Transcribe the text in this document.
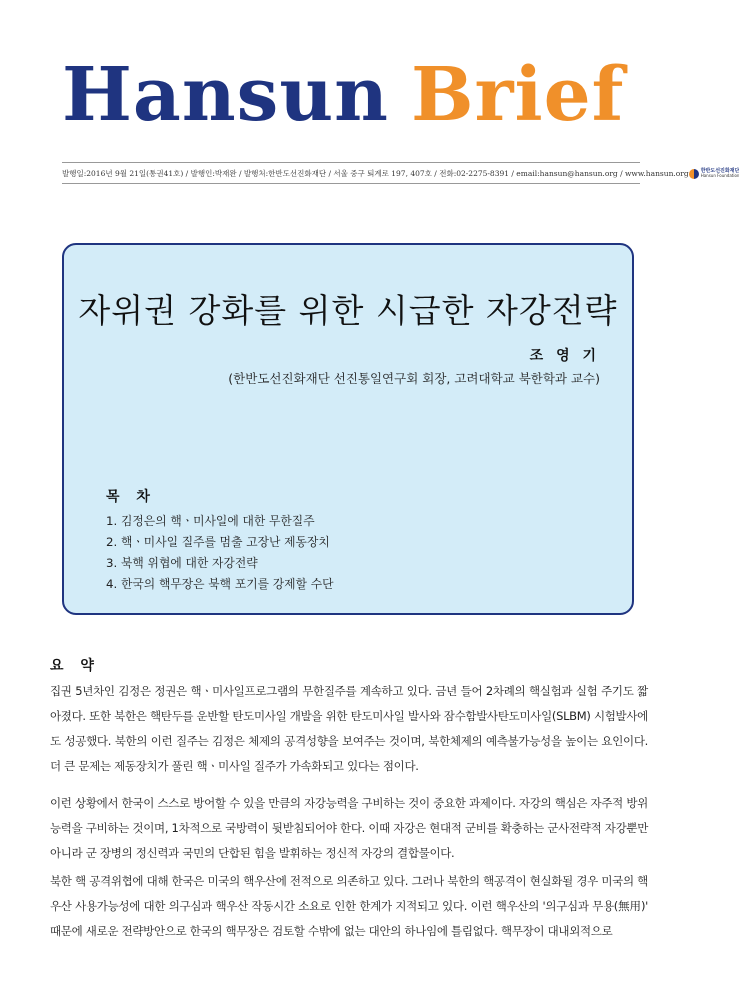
Hansun Brief
발행일:2016년 9월 21일(통권41호) / 발행인:박재완 / 발행처:한반도선진화재단 / 서울 중구 퇴계로 197, 407호 / 전화:02-2275-8391 / email:hansun@hansun.org / www.hansun.org 한반도선진화재단
Hansun Foundation
자위권 강화를 위한 시급한 자강전략
조 영 기
(한반도선진화재단 선진통일연구회 회장, 고려대학교 북한학과 교수)
목 차
1. 김정은의 핵ㆍ미사일에 대한 무한질주
2. 핵ㆍ미사일 질주를 멈출 고장난 제동장치
3. 북핵 위협에 대한 자강전략
4. 한국의 핵무장은 북핵 포기를 강제할 수단
요 약

집권 5년차인 김정은 정권은 핵ㆍ미사일프로그램의 무한질주를 계속하고 있다. 금년 들어 2차례의 핵실험과 실험 주기도 짧아졌다. 또한 북한은 핵탄두를 운반할 탄도미사일 개발을 위한 탄도미사일 발사와 잠수함발사탄도미사일(SLBM) 시험발사에도 성공했다. 북한의 이런 질주는 김정은 체제의 공격성향을 보여주는 것이며, 북한체제의 예측불가능성을 높이는 요인이다. 더 큰 문제는 제동장치가 풀린 핵ㆍ미사일 질주가 가속화되고 있다는 점이다.

이런 상황에서 한국이 스스로 방어할 수 있을 만큼의 자강능력을 구비하는 것이 중요한 과제이다. 자강의 핵심은 자주적 방위능력을 구비하는 것이며, 1차적으로 국방력이 뒷받침되어야 한다. 이때 자강은 현대적 군비를 확충하는 군사전략적 자강뿐만 아니라 군 장병의 정신력과 국민의 단합된 힘을 발휘하는 정신적 자강의 결합물이다.

북한 핵 공격위협에 대해 한국은 미국의 핵우산에 전적으로 의존하고 있다. 그러나 북한의 핵공격이 현실화될 경우 미국의 핵우산 사용가능성에 대한 의구심과 핵우산 작동시간 소요로 인한 한계가 지적되고 있다. 이런 핵우산의 '의구심과 무용(無用)' 때문에 새로운 전략방안으로 한국의 핵무장은 검토할 수밖에 없는 대안의 하나임에 틀림없다. 핵무장이 대내외적으로
